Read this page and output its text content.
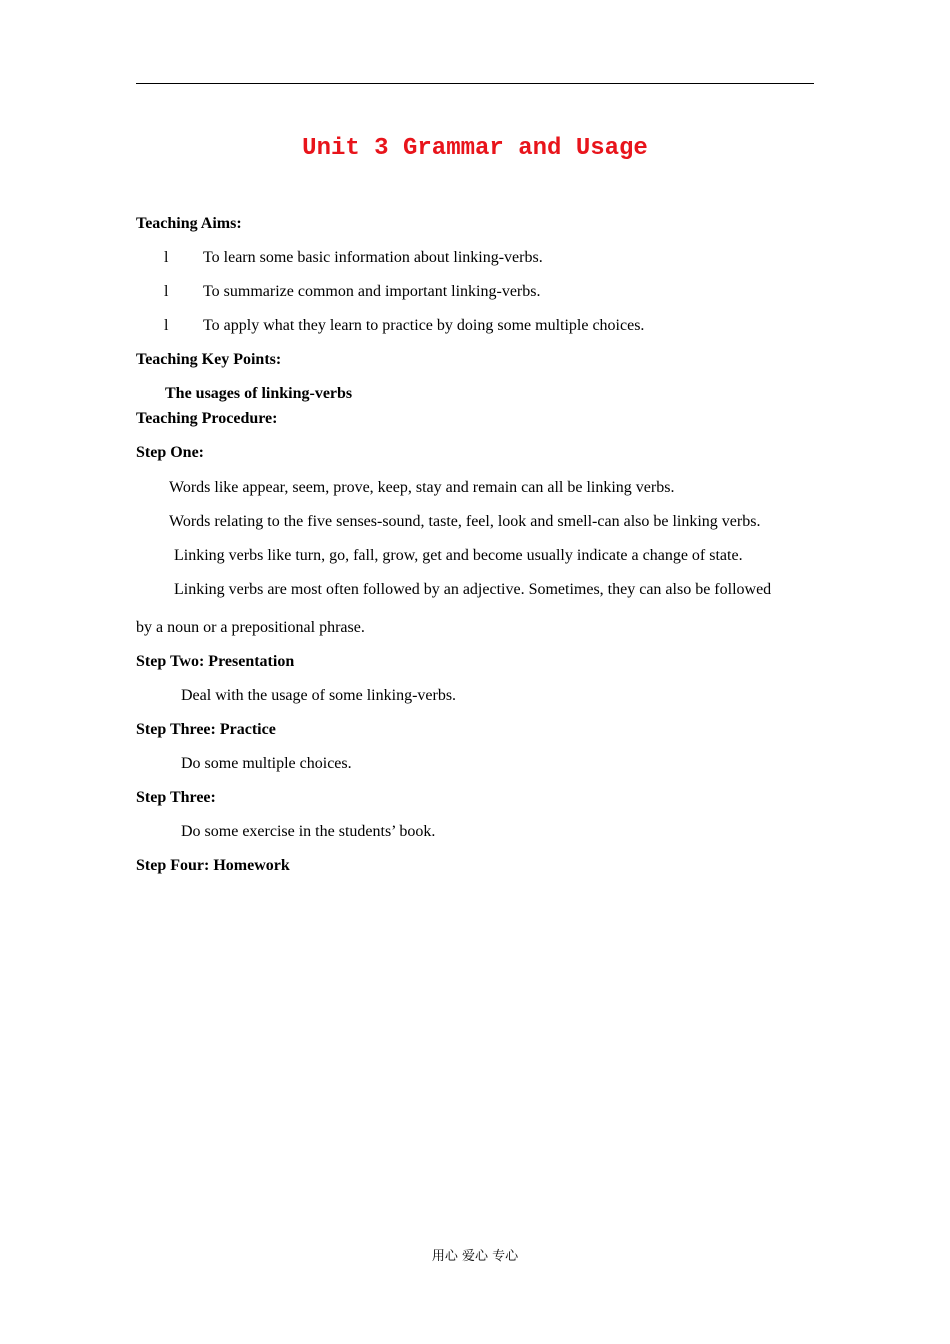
Unit 3 Grammar and Usage

Teaching Aims:

l To learn some basic information about linking-verbs.

l To summarize common and important linking-verbs.

l To apply what they learn to practice by doing some multiple choices.

Teaching Key Points:

The usages of linking-verbs

Teaching Procedure:

Step One:

Words like appear, seem, prove, keep, stay and remain can all be linking verbs.

Words relating to the five senses-sound, taste, feel, look and smell-can also be linking verbs.

Linking verbs like turn, go, fall, grow, get and become usually indicate a change of state.

Linking verbs are most often followed by an adjective. Sometimes, they can also be followed

by a noun or a prepositional phrase.

Step Two: Presentation

Deal with the usage of some linking-verbs.

Step Three: Practice

Do some multiple choices.

Step Three:

Do some exercise in the students’ book.

Step Four: Homework

用心 爱心 专心
